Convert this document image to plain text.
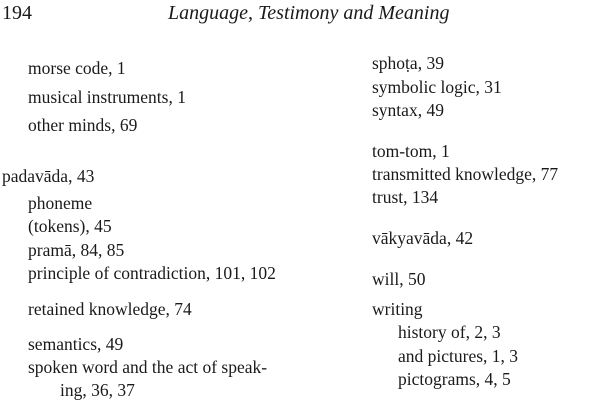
194	Language, Testimony and Meaning
morse code, 1
musical instruments, 1
other minds, 69
padavāda, 43
phoneme
(tokens), 45
pramā, 84, 85
principle of contradiction, 101, 102
retained knowledge, 74
semantics, 49
spoken word and the act of speak-
ing, 36, 37
sphoṭa, 39
symbolic logic, 31
syntax, 49
tom-tom, 1
transmitted knowledge, 77
trust, 134
vākyavāda, 42
will, 50
writing
history of, 2, 3
and pictures, 1, 3
pictograms, 4, 5
